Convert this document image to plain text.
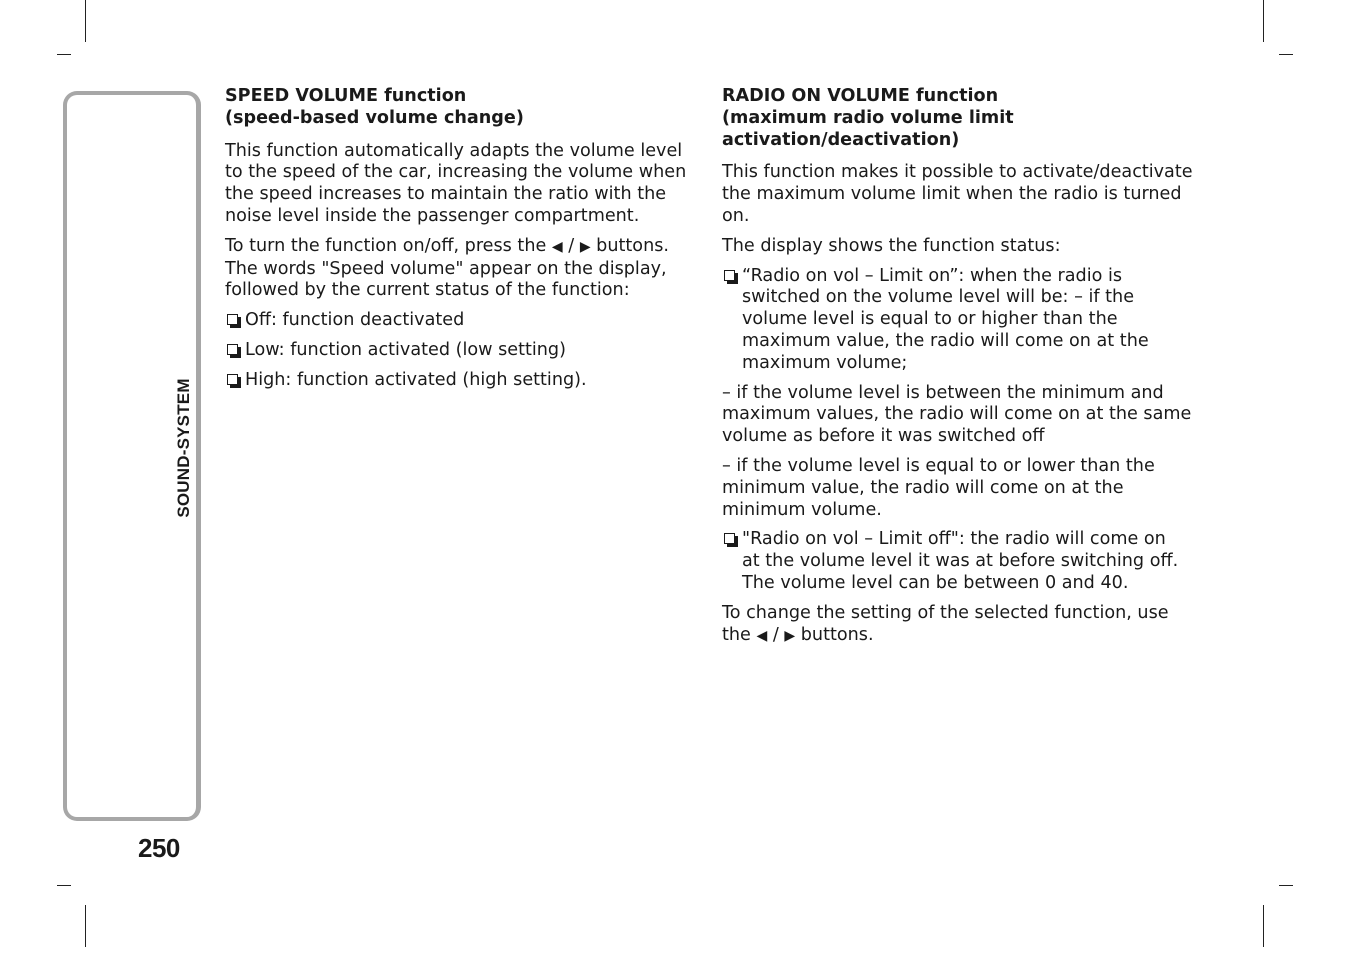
SOUND-SYSTEM
250
SPEED VOLUME function
(speed-based volume change)

This function automatically adapts the volume level
to the speed of the car, increasing the volume when
the speed increases to maintain the ratio with the
noise level inside the passenger compartment.

To turn the function on/off, press the ◀ / ▶ buttons.
The words "Speed volume" appear on the display,
followed by the current status of the function:

Off: function deactivated
Low: function activated (low setting)
High: function activated (high setting).
RADIO ON VOLUME function
(maximum radio volume limit
activation/deactivation)

This function makes it possible to activate/deactivate
the maximum volume limit when the radio is turned
on.

The display shows the function status:

“Radio on vol – Limit on”: when the radio is
switched on the volume level will be: – if the
volume level is equal to or higher than the
maximum value, the radio will come on at the
maximum volume;

– if the volume level is between the minimum and
maximum values, the radio will come on at the same
volume as before it was switched off

– if the volume level is equal to or lower than the
minimum value, the radio will come on at the
minimum volume.

"Radio on vol – Limit off": the radio will come on
at the volume level it was at before switching off.
The volume level can be between 0 and 40.

To change the setting of the selected function, use
the ◀ / ▶ buttons.
